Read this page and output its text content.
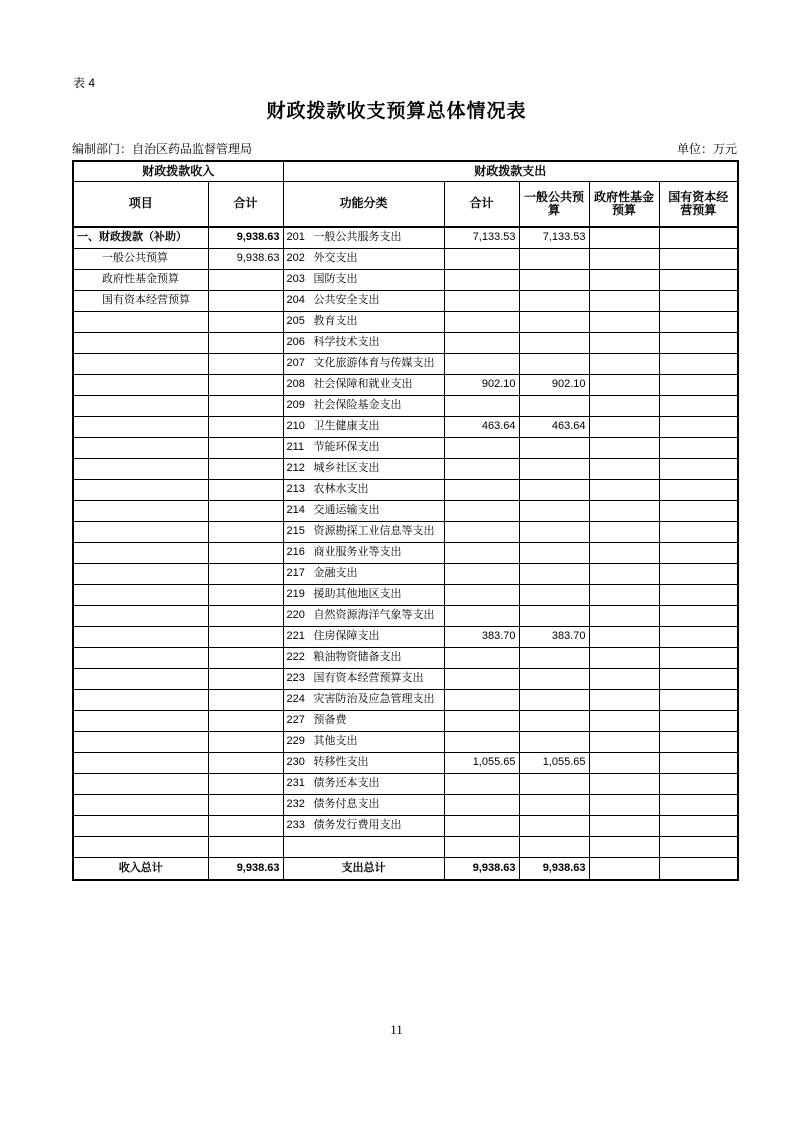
表 4
财政拨款收支预算总体情况表
编制部门：自治区药品监督管理局	单位：万元
财政拨款收入		财政拨款支出				
项目	合计	功能分类	合计	一般公共预算	政府性基金预算	国有资本经营预算
一、财政拨款（补助）	9,938.63	201 一般公共服务支出	7,133.53	7,133.53		
一般公共预算	9,938.63	202 外交支出				
政府性基金预算		203 国防支出				
国有资本经营预算		204 公共安全支出				
		205 教育支出				
		206 科学技术支出				
		207 文化旅游体育与传媒支出				
		208 社会保障和就业支出	902.10	902.10		
		209 社会保险基金支出				
		210 卫生健康支出	463.64	463.64		
		211 节能环保支出				
		212 城乡社区支出				
		213 农林水支出				
		214 交通运输支出				
		215 资源勘探工业信息等支出				
		216 商业服务业等支出				
		217 金融支出				
		219 援助其他地区支出				
		220 自然资源海洋气象等支出				
		221 住房保障支出	383.70	383.70		
		222 粮油物资储备支出				
		223 国有资本经营预算支出				
		224 灾害防治及应急管理支出				
		227 预备费				
		229 其他支出				
		230 转移性支出	1,055.65	1,055.65		
		231 债务还本支出				
		232 债务付息支出				
		233 债务发行费用支出				

收入总计	9,938.63	支出总计	9,938.63	9,938.63		
11
